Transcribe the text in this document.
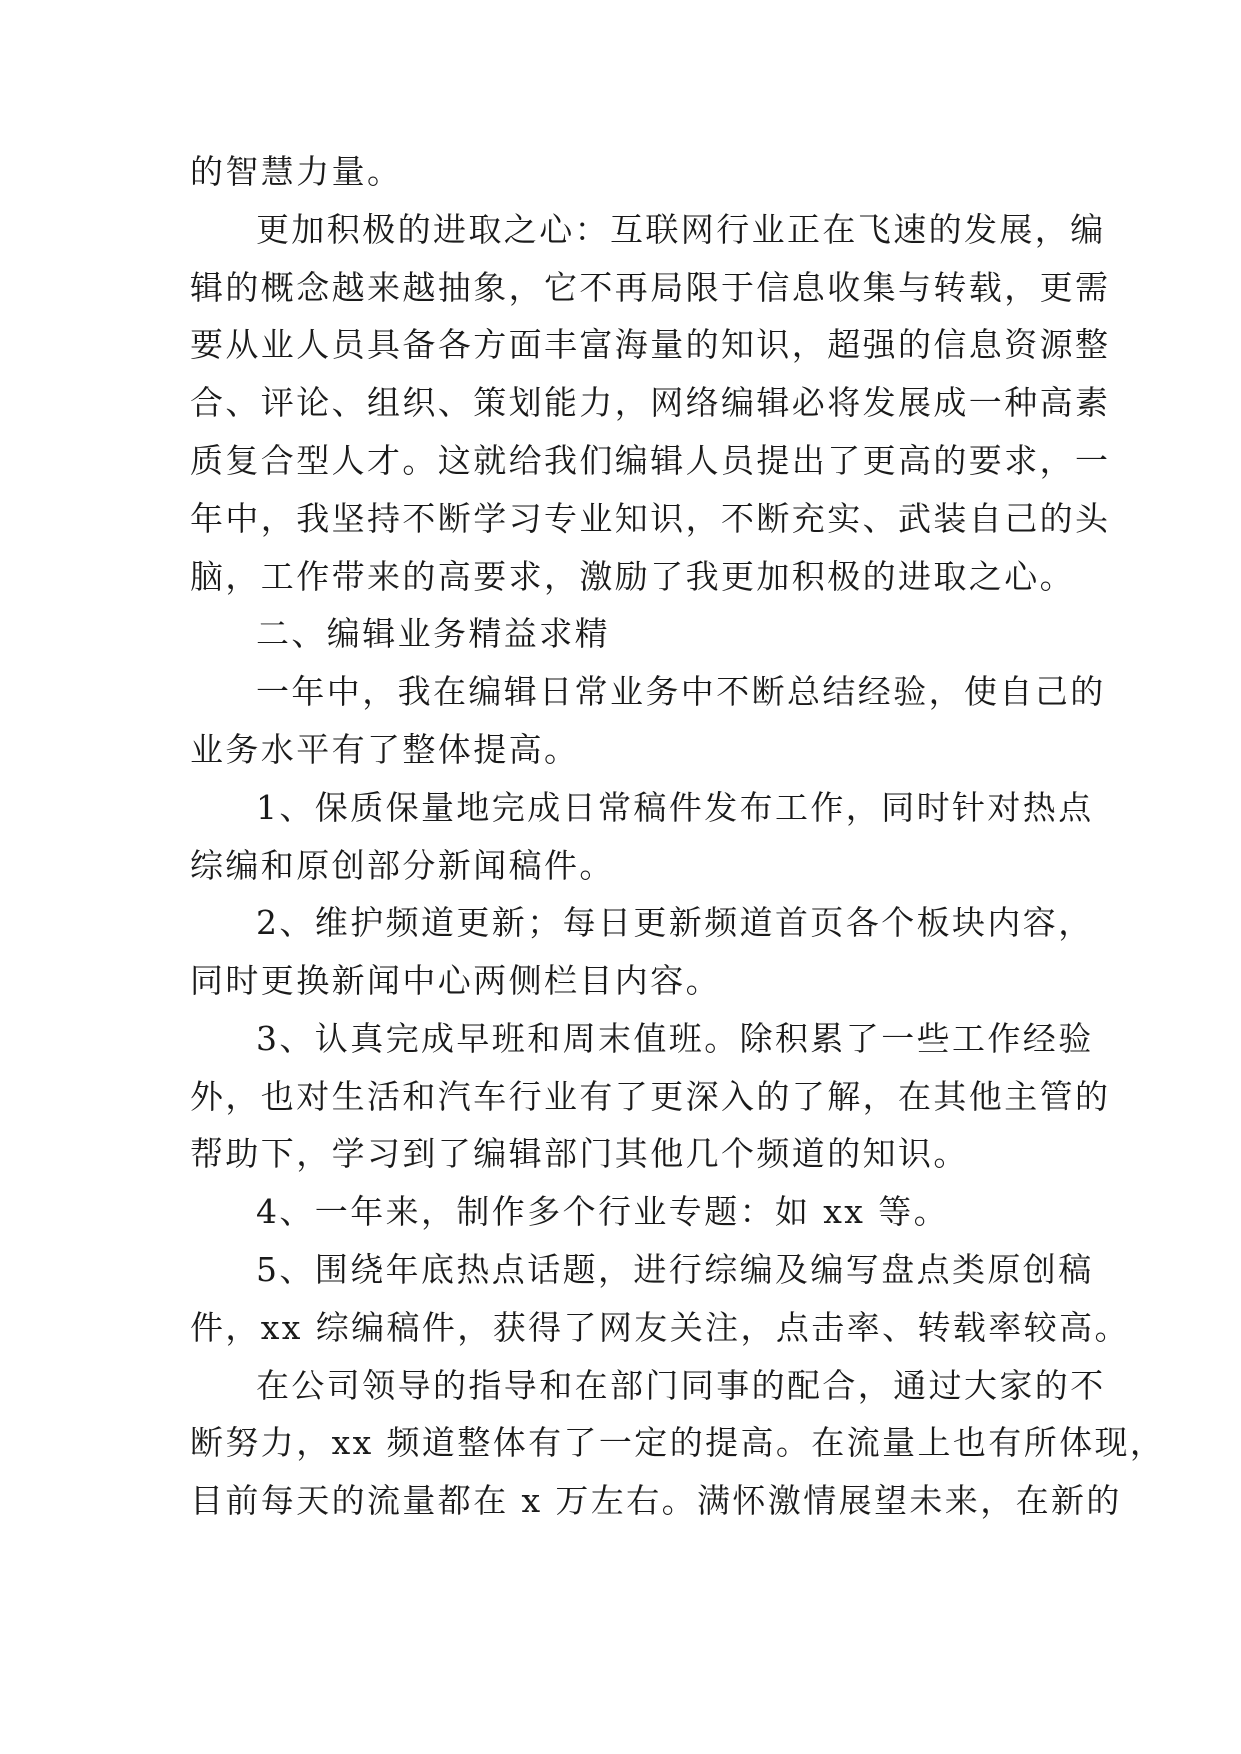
的智慧力量。
更加积极的进取之心：互联网行业正在飞速的发展，编
辑的概念越来越抽象，它不再局限于信息收集与转载，更需
要从业人员具备各方面丰富海量的知识，超强的信息资源整
合、评论、组织、策划能力，网络编辑必将发展成一种高素
质复合型人才。这就给我们编辑人员提出了更高的要求，一
年中，我坚持不断学习专业知识，不断充实、武装自己的头
脑，工作带来的高要求，激励了我更加积极的进取之心。
二、编辑业务精益求精
一年中，我在编辑日常业务中不断总结经验，使自己的
业务水平有了整体提高。
1、保质保量地完成日常稿件发布工作，同时针对热点
综编和原创部分新闻稿件。
2、维护频道更新；每日更新频道首页各个板块内容，
同时更换新闻中心两侧栏目内容。
3、认真完成早班和周末值班。除积累了一些工作经验
外，也对生活和汽车行业有了更深入的了解，在其他主管的
帮助下，学习到了编辑部门其他几个频道的知识。
4、一年来，制作多个行业专题：如 xx 等。
5、围绕年底热点话题，进行综编及编写盘点类原创稿
件，xx 综编稿件，获得了网友关注，点击率、转载率较高。
在公司领导的指导和在部门同事的配合，通过大家的不
断努力，xx 频道整体有了一定的提高。在流量上也有所体现，
目前每天的流量都在 x 万左右。满怀激情展望未来，在新的
